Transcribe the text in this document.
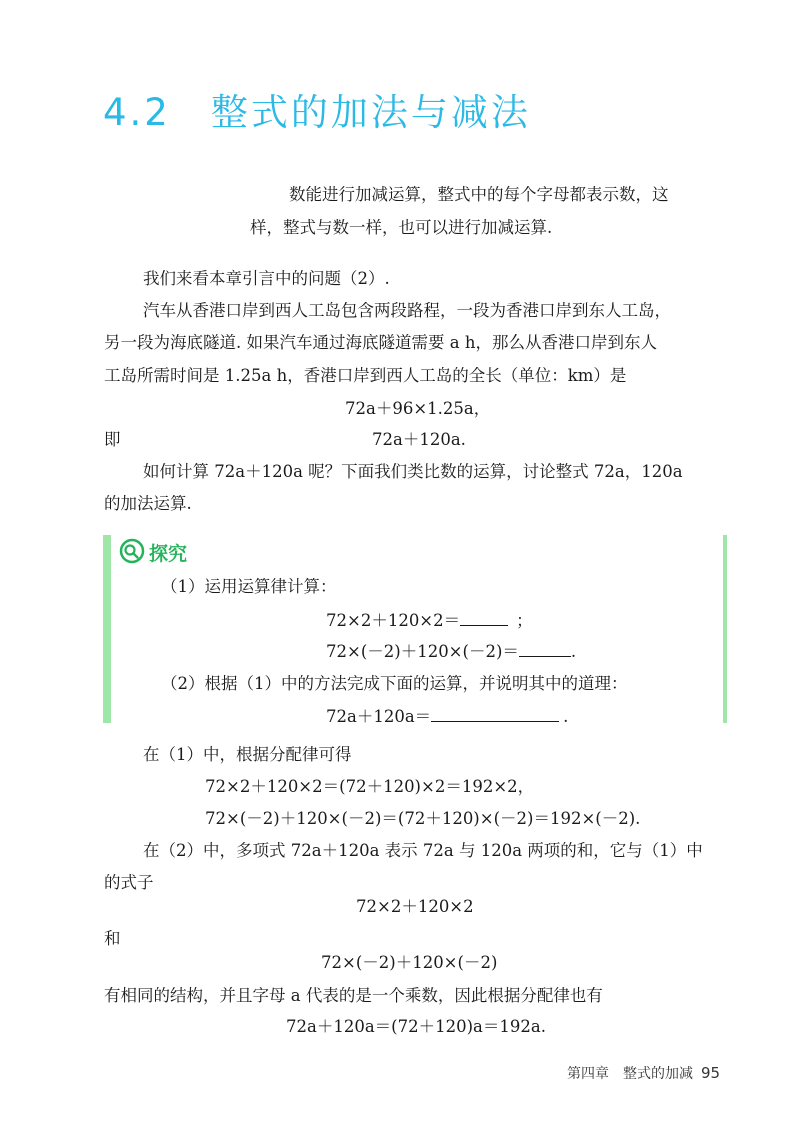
4.2　整式的加法与减法
数能进行加减运算，整式中的每个字母都表示数，这
样，整式与数一样，也可以进行加减运算.
我们来看本章引言中的问题（2）.
汽车从香港口岸到西人工岛包含两段路程，一段为香港口岸到东人工岛，
另一段为海底隧道. 如果汽车通过海底隧道需要 a h，那么从香港口岸到东人
工岛所需时间是 1.25a h，香港口岸到西人工岛的全长（单位：km）是
72a＋96×1.25a，
即	72a＋120a.
如何计算 72a＋120a 呢？下面我们类比数的运算，讨论整式 72a，120a
的加法运算.
探究
（1）运用运算律计算：
72×2＋120×2＝	；
72×(－2)＋120×(－2)＝	.
（2）根据（1）中的方法完成下面的运算，并说明其中的道理：
72a＋120a＝	.
在（1）中，根据分配律可得
72×2＋120×2＝(72＋120)×2＝192×2，
72×(－2)＋120×(－2)＝(72＋120)×(－2)＝192×(－2).
在（2）中，多项式 72a＋120a 表示 72a 与 120a 两项的和，它与（1）中
的式子
72×2＋120×2
和
72×(－2)＋120×(－2)
有相同的结构，并且字母 a 代表的是一个乘数，因此根据分配律也有
72a＋120a＝(72＋120)a＝192a.
第四章 整式的加减 95
